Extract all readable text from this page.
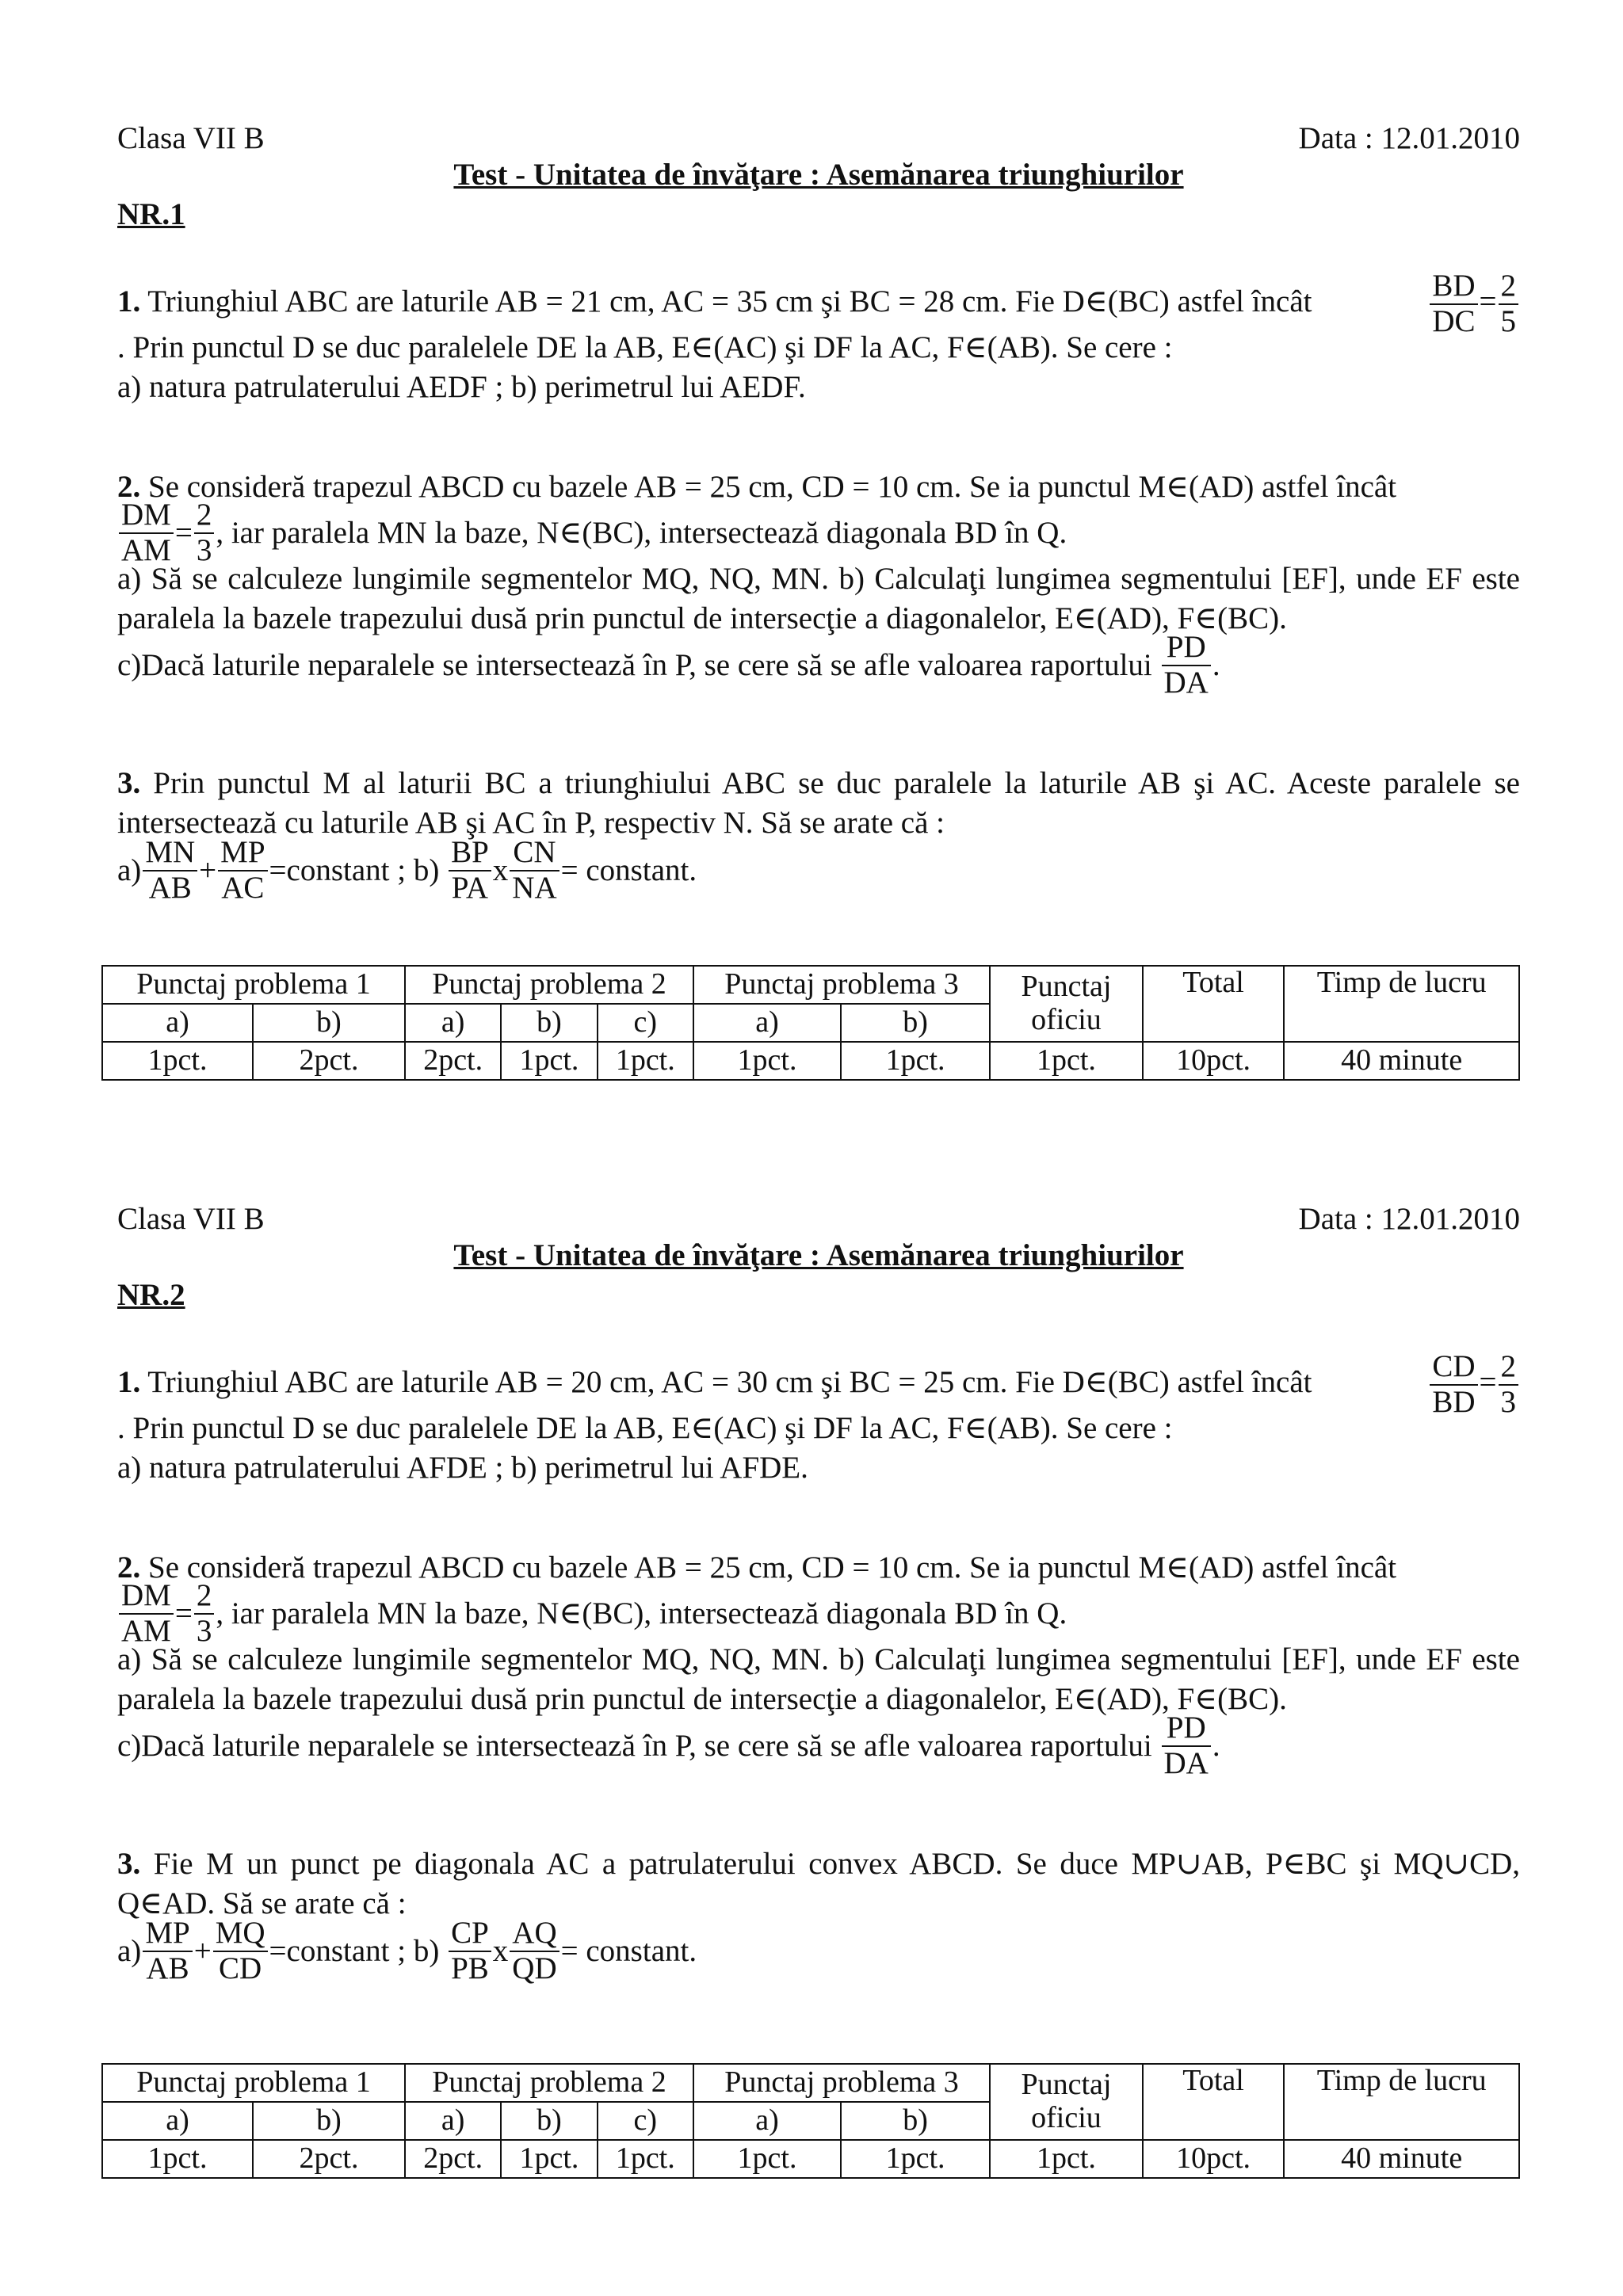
Clasa VII B	Data : 12.01.2010
Test - Unitatea de învăţare : Asemănarea triunghiurilor
NR.1
1. Triunghiul ABC are laturile AB = 21 cm, AC = 35 cm şi BC = 28 cm. Fie D∈(BC) astfel încât	$\frac{BD}{DC} = \frac{2}{5}$
. Prin punctul D se duc paralelele DE la AB, E∈(AC) şi DF la AC, F∈(AB). Se cere :
a) natura patrulaterului AEDF ; b) perimetrul lui AEDF.
2. Se consideră trapezul ABCD cu bazele AB = 25 cm, CD = 10 cm. Se ia punctul M∈(AD) astfel încât
$\frac{DM}{AM} = \frac{2}{3}$ , iar paralela MN la baze, N∈(BC), intersectează diagonala BD în Q.
a) Să se calculeze lungimile segmentelor MQ, NQ, MN. b) Calculaţi lungimea segmentului [EF], unde EF este paralela la bazele trapezului dusă prin punctul de intersecţie a diagonalelor, E∈(AD), F∈(BC).
c)Dacă laturile neparalele se intersectează în P, se cere să se afle valoarea raportului
$\frac{PD}{DA}$ .
3. Prin punctul M al laturii BC a triunghiului ABC se duc paralele la laturile AB şi AC. Aceste paralele se intersectează cu laturile AB şi AC în P, respectiv N. Să se arate că :
$a) \frac{MN}{AB} + \frac{MP}{AC}$ =constant ; b)
$\frac{BP}{PA}$ x $\frac{CN}{NA}$ = constant.
Punctaj problema 1		Punctaj problema 2			Punctaj problema 3		Punctaj oficiu	Total	Timp de lucru
a)	b)	a)	b)	c)	a)	b)			
1pct.	2pct.	2pct.	1pct.	1pct.	1pct.	1pct.	1pct.	10pct.	40 minute
Clasa VII B	Data : 12.01.2010
Test - Unitatea de învăţare : Asemănarea triunghiurilor
NR.2
1. Triunghiul ABC are laturile AB = 20 cm, AC = 30 cm şi BC = 25 cm. Fie D∈(BC) astfel încât	$\frac{CD}{BD} = \frac{2}{3}$
. Prin punctul D se duc paralelele DE la AB, E∈(AC) şi DF la AC, F∈(AB). Se cere :
a) natura patrulaterului AFDE ; b) perimetrul lui AFDE.
2. Se consideră trapezul ABCD cu bazele AB = 25 cm, CD = 10 cm. Se ia punctul M∈(AD) astfel încât
$\frac{DM}{AM} = \frac{2}{3}$ , iar paralela MN la baze, N∈(BC), intersectează diagonala BD în Q.
a) Să se calculeze lungimile segmentelor MQ, NQ, MN. b) Calculaţi lungimea segmentului [EF], unde EF este paralela la bazele trapezului dusă prin punctul de intersecţie a diagonalelor, E∈(AD), F∈(BC).
c)Dacă laturile neparalele se intersectează în P, se cere să se afle valoarea raportului
$\frac{PD}{DA}$ .
3. Fie M un punct pe diagonala AC a patrulaterului convex ABCD. Se duce MP∪AB, P∈BC şi MQ∪CD, Q∈AD. Să se arate că :
$a) \frac{MP}{AB} + \frac{MQ}{CD}$ =constant ; b)
$\frac{CP}{PB}$ x $\frac{AQ}{QD}$ = constant.
Punctaj problema 1		Punctaj problema 2			Punctaj problema 3		Punctaj oficiu	Total	Timp de lucru
a)	b)	a)	b)	c)	a)	b)			
1pct.	2pct.	2pct.	1pct.	1pct.	1pct.	1pct.	1pct.	10pct.	40 minute
